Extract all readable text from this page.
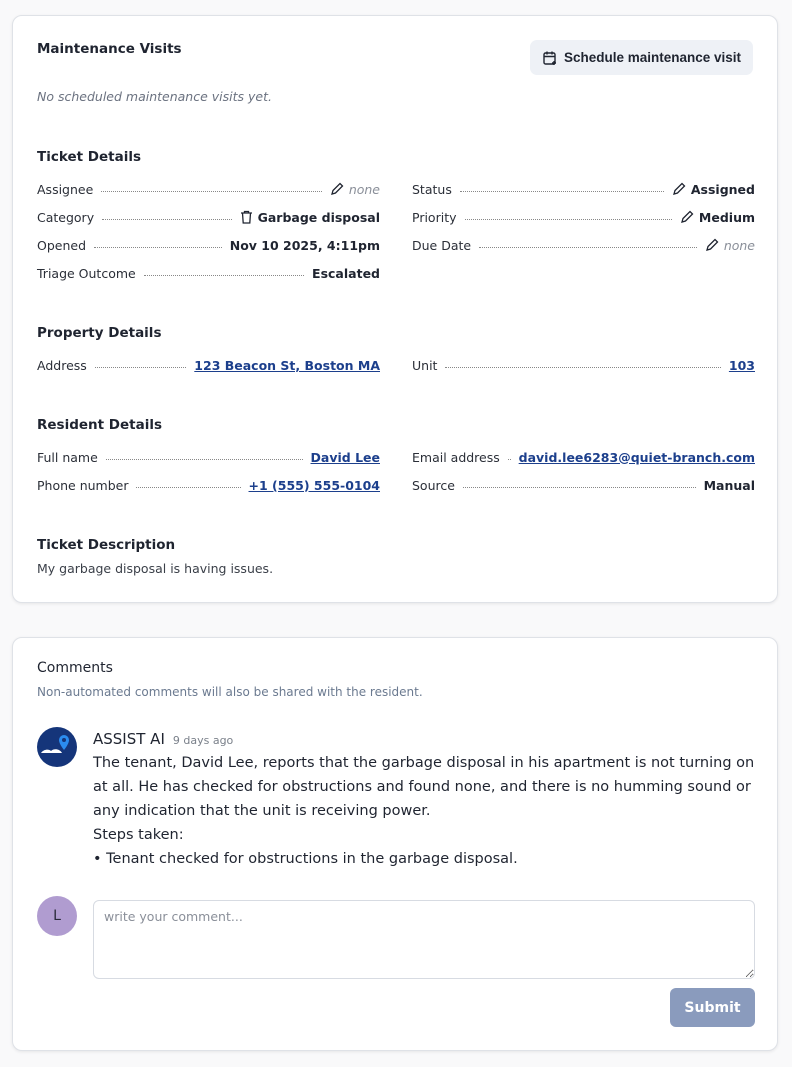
Maintenance Visits
Schedule maintenance visit
No scheduled maintenance visits yet.
Ticket Details
Assignee	none	Status	Assigned
Category	Garbage disposal	Priority	Medium
Opened	Nov 10 2025, 4:11pm	Due Date	none
Triage Outcome	Escalated
Property Details
Address	123 Beacon St, Boston MA	Unit	103
Resident Details
Full name	David Lee	Email address david.lee6283@quiet-branch.com
Phone number	+1 (555) 555-0104	Source	Manual
Ticket Description
My garbage disposal is having issues.
Comments
Non-automated comments will also be shared with the resident.
ASSIST AI 9 days ago
The tenant, David Lee, reports that the garbage disposal in his apartment is not turning on at all. He has checked for obstructions and found none, and there is no humming sound or any indication that the unit is receiving power.
Steps taken:
• Tenant checked for obstructions in the garbage disposal.
L
write your comment...
Submit
